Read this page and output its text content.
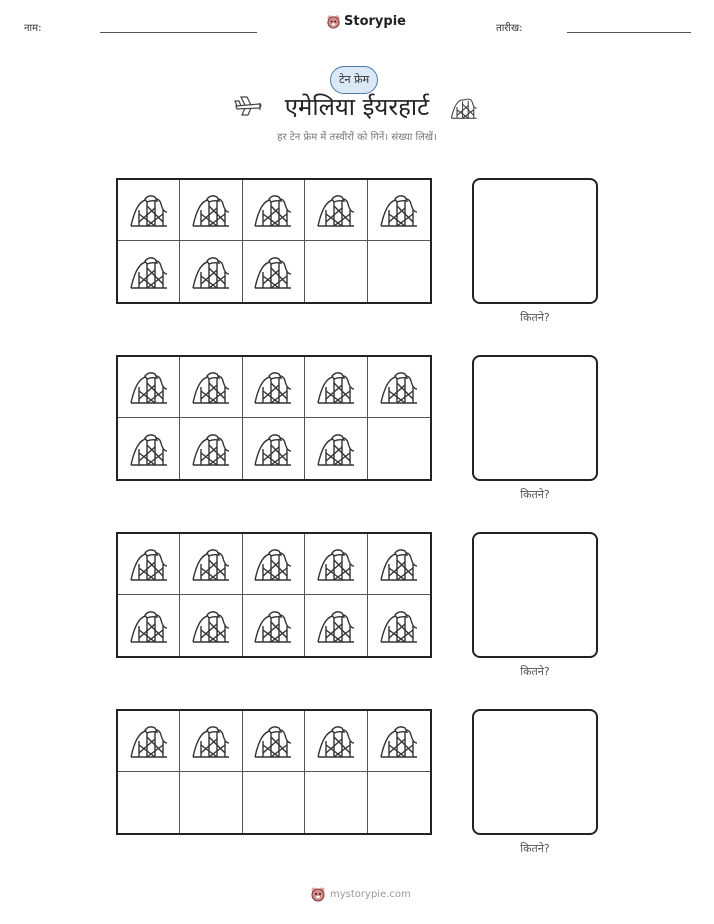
नाम:	Storypie	तारीख:
टेन फ्रेम
एमेलिया ईयरहार्ट
हर टेन फ्रेम में तस्वीरों को गिनें। संख्या लिखें।
कितने?
कितने?
कितने?
कितने?
mystorypie.com
